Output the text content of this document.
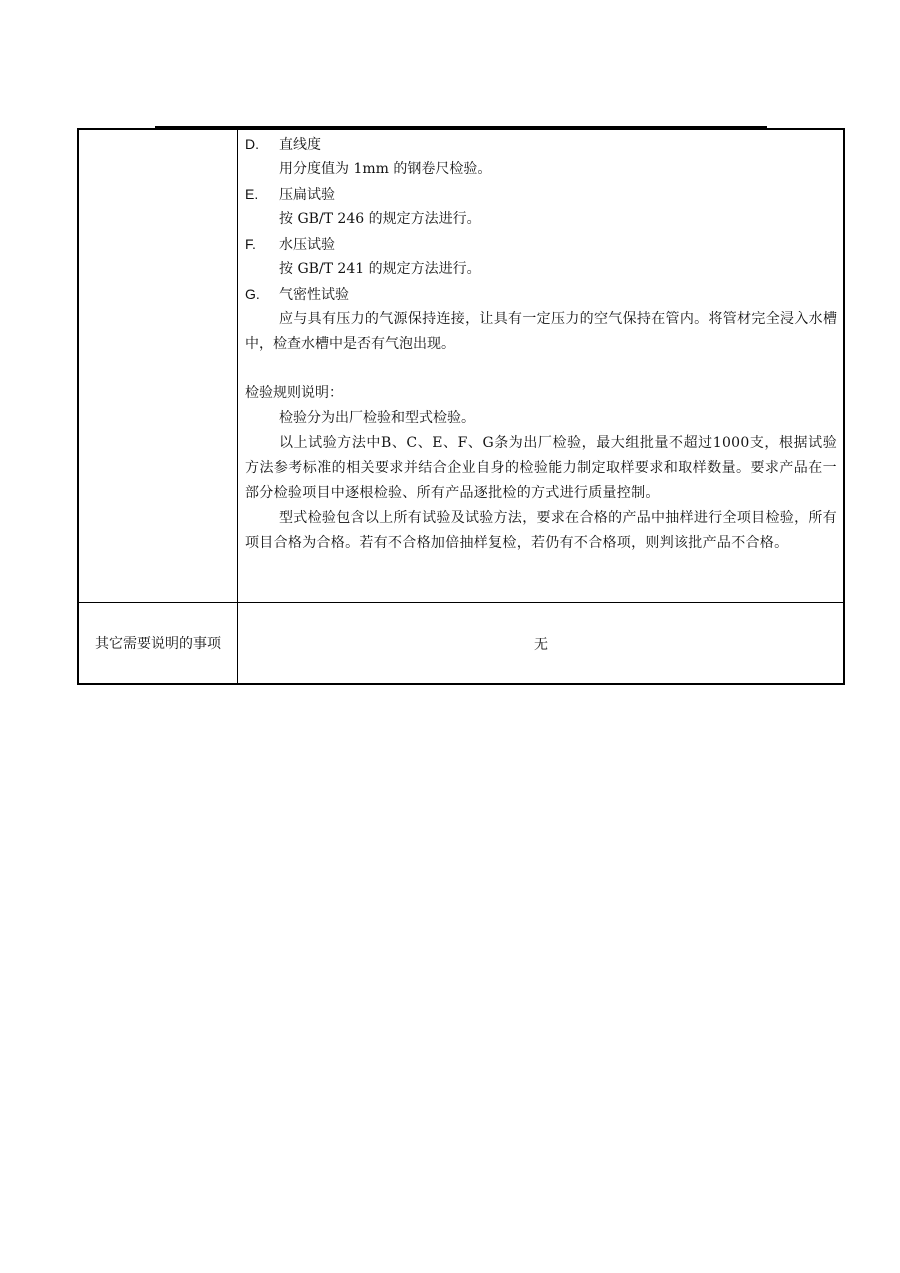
D. 直线度
用分度值为 1mm 的钢卷尺检验。
E. 压扁试验
按 GB/T 246 的规定方法进行。
F. 水压试验
按 GB/T 241 的规定方法进行。
G. 气密性试验
应与具有压力的气源保持连接，让具有一定压力的空气保持在管内。将管材完全浸入水槽中，检查水槽中是否有气泡出现。
检验规则说明：
检验分为出厂检验和型式检验。
以上试验方法中B、C、E、F、G条为出厂检验，最大组批量不超过1000支，根据试验方法参考标准的相关要求并结合企业自身的检验能力制定取样要求和取样数量。要求产品在一部分检验项目中逐根检验、所有产品逐批检的方式进行质量控制。
型式检验包含以上所有试验及试验方法，要求在合格的产品中抽样进行全项目检验，所有项目合格为合格。若有不合格加倍抽样复检，若仍有不合格项，则判该批产品不合格。
其它需要说明的事项	无
